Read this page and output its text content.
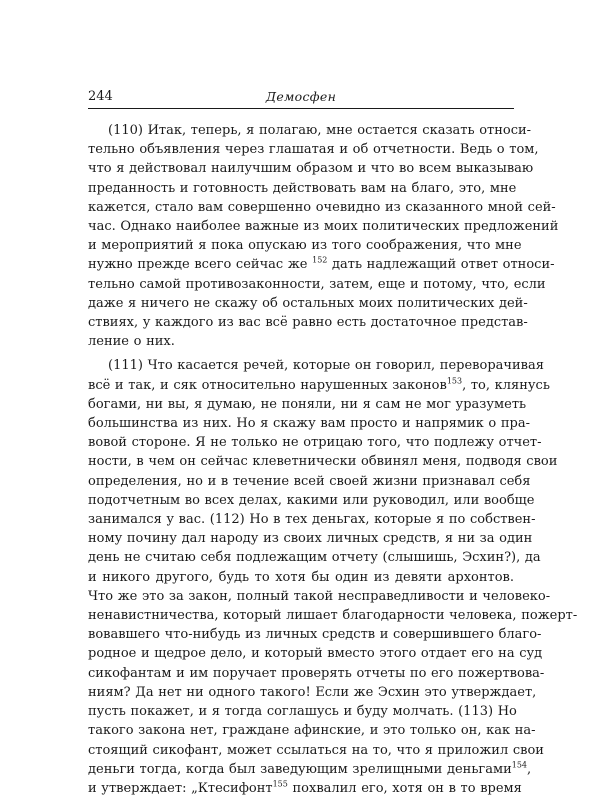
244	Демосфен
(110) Итак, теперь, я полагаю, мне остается сказать относи-
тельно объявления через глашатая и об отчетности. Ведь о том,
что я действовал наилучшим образом и что во всем выказываю
преданность и готовность действовать вам на благо, это, мне
кажется, стало вам совершенно очевидно из сказанного мной сей-
час. Однако наиболее важные из моих политических предложений
и мероприятий я пока опускаю из того соображения, что мне
нужно прежде всего сейчас же $^{152}$ дать надлежащий ответ относи-
тельно самой противозаконности, затем, еще и потому, что, если
даже я ничего не скажу об остальных моих политических дей-
ствиях, у каждого из вас всё равно есть достаточное представ-
ление о них.
(111) Что касается речей, которые он говорил, переворачивая
всё и так, и сяк относительно нарушенных законов$^{153}$, то, клянусь
богами, ни вы, я думаю, не поняли, ни я сам не мог уразуметь
большинства из них. Но я скажу вам просто и напрямик о пра-
вовой стороне. Я не только не отрицаю того, что подлежу отчет-
ности, в чем он сейчас клеветнически обвинял меня, подводя свои
определения, но и в течение всей своей жизни признавал себя
подотчетным во всех делах, какими или руководил, или вообще
занимался у вас. (112) Но в тех деньгах, которые я по собствен-
ному почину дал народу из своих личных средств, я ни за один
день не считаю себя подлежащим отчету (слышишь, Эсхин?), да
и никого другого, будь то хотя бы один из девяти архонтов.
Что же это за закон, полный такой несправедливости и человеко-
ненавистничества, который лишает благодарности человека, пожерт-
вовавшего что-нибудь из личных средств и совершившего благо-
родное и щедрое дело, и который вместо этого отдает его на суд
сикофантам и им поручает проверять отчеты по его пожертвова-
ниям? Да нет ни одного такого! Если же Эсхин это утверждает,
пусть покажет, и я тогда соглашусь и буду молчать. (113) Но
такого закона нет, граждане афинские, и это только он, как на-
стоящий сикофант, может ссылаться на то, что я приложил свои
деньги тогда, когда был заведующим зрелищными деньгами$^{154}$,
и утверждает: „Ктесифонт$^{155}$ похвалил его, хотя он в то время
